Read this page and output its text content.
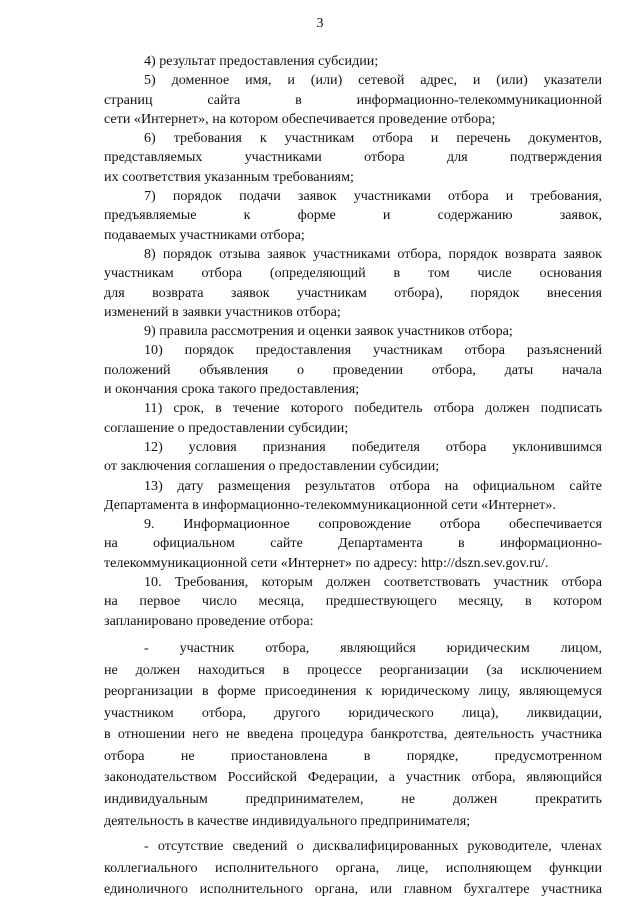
3
4) результат предоставления субсидии;
5) доменное имя, и (или) сетевой адрес, и (или) указатели
страниц сайта в информационно-телекоммуникационной
сети «Интернет», на котором обеспечивается проведение отбора;
6) требования к участникам отбора и перечень документов,
представляемых участниками отбора для подтверждения
их соответствия указанным требованиям;
7) порядок подачи заявок участниками отбора и требования,
предъявляемые к форме и содержанию заявок,
подаваемых участниками отбора;
8) порядок отзыва заявок участниками отбора, порядок возврата заявок
участникам отбора (определяющий в том числе основания
для возврата заявок участникам отбора), порядок внесения
изменений в заявки участников отбора;
9) правила рассмотрения и оценки заявок участников отбора;
10) порядок предоставления участникам отбора разъяснений
положений объявления о проведении отбора, даты начала
и окончания срока такого предоставления;
11) срок, в течение которого победитель отбора должен подписать
соглашение о предоставлении субсидии;
12) условия признания победителя отбора уклонившимся
от заключения соглашения о предоставлении субсидии;
13) дату размещения результатов отбора на официальном сайте
Департамента в информационно-телекоммуникационной сети «Интернет».
9. Информационное сопровождение отбора обеспечивается
на официальном сайте Департамента в информационно-
телекоммуникационной сети «Интернет» по адресу: http://dszn.sev.gov.ru/.
10. Требования, которым должен соответствовать участник отбора
на первое число месяца, предшествующего месяцу, в котором
запланировано проведение отбора:
- участник отбора, являющийся юридическим лицом,
не должен находиться в процессе реорганизации (за исключением
реорганизации в форме присоединения к юридическому лицу, являющемуся
участником отбора, другого юридического лица), ликвидации,
в отношении него не введена процедура банкротства, деятельность участника
отбора не приостановлена в порядке, предусмотренном
законодательством Российской Федерации, а участник отбора, являющийся
индивидуальным предпринимателем, не должен прекратить
деятельность в качестве индивидуального предпринимателя;
- отсутствие сведений о дисквалифицированных руководителе, членах
коллегиального исполнительного органа, лице, исполняющем функции
единоличного исполнительного органа, или главном бухгалтере участника
